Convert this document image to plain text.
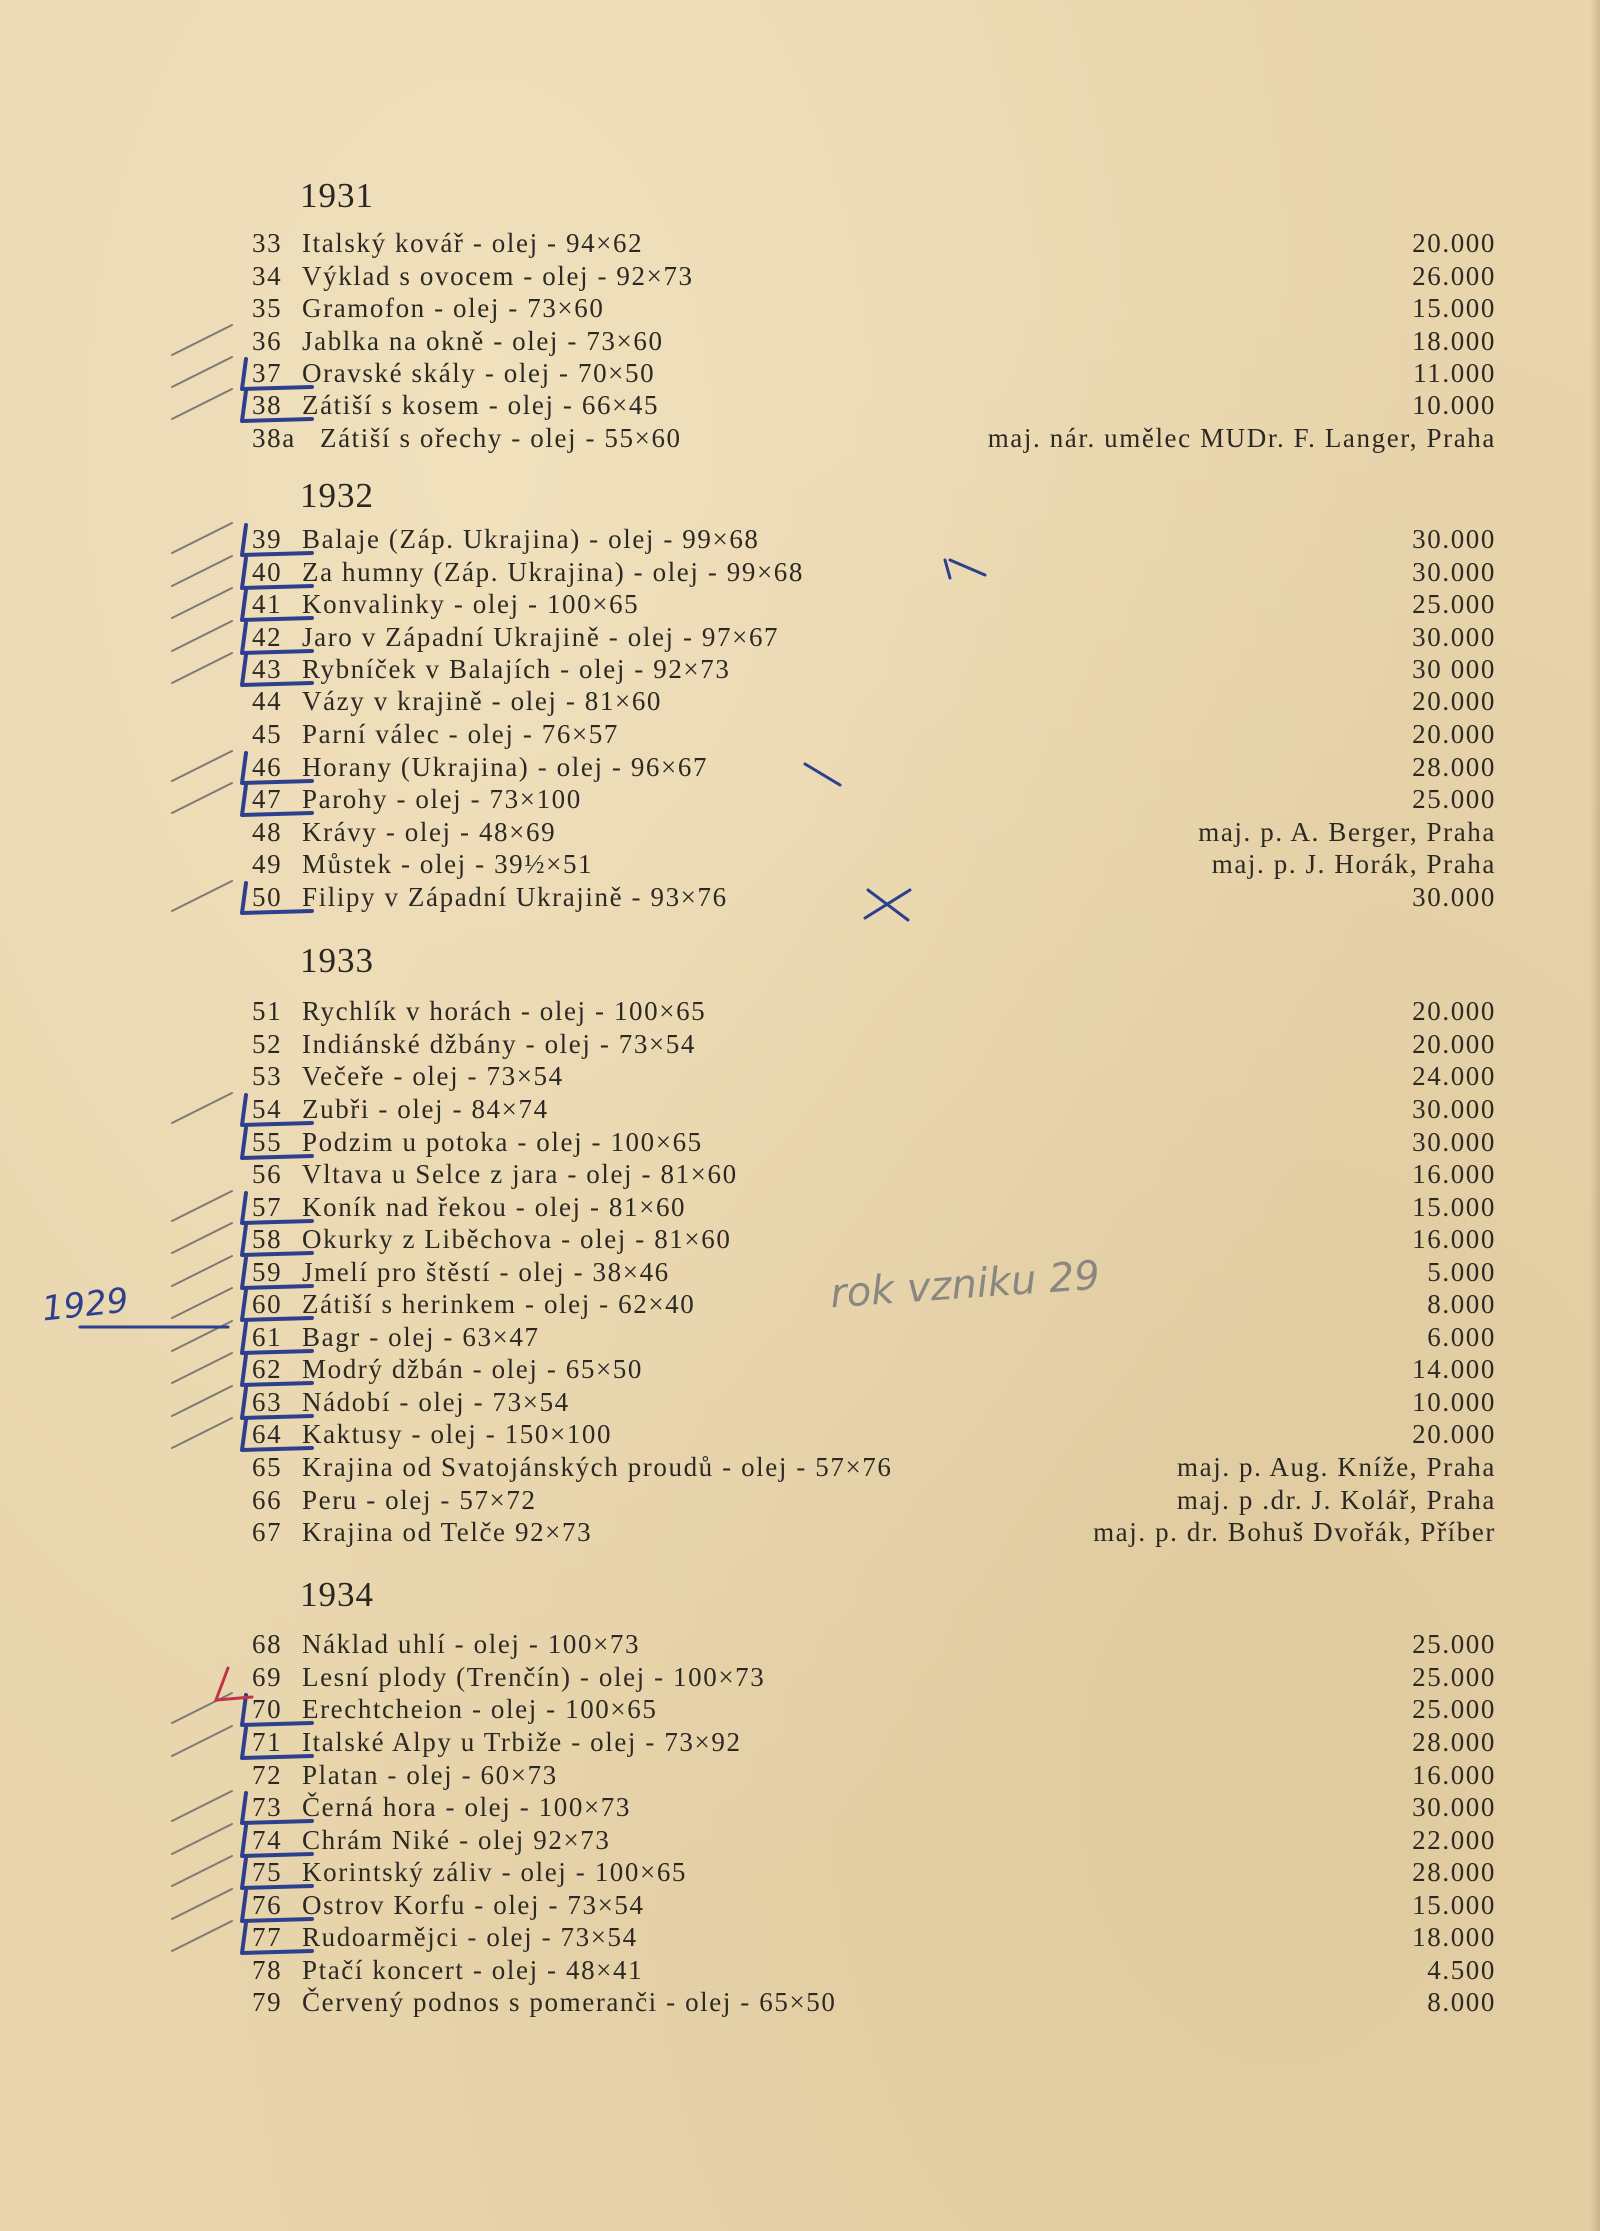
1931
33 Italský kovář - olej - 94×62	20.000
34 Výklad s ovocem - olej - 92×73	26.000
35 Gramofon - olej - 73×60	15.000
36 Jablka na okně - olej - 73×60	18.000
37 Oravské skály - olej - 70×50	11.000
38 Zátiší s kosem - olej - 66×45	10.000
38a Zátiší s ořechy - olej - 55×60	maj. nár. umělec MUDr. F. Langer, Praha
1932
39 Balaje (Záp. Ukrajina) - olej - 99×68	30.000
40 Za humny (Záp. Ukrajina) - olej - 99×68	30.000
41 Konvalinky - olej - 100×65	25.000
42 Jaro v Západní Ukrajině - olej - 97×67	30.000
43 Rybníček v Balajích - olej - 92×73	30 000
44 Vázy v krajině - olej - 81×60	20.000
45 Parní válec - olej - 76×57	20.000
46 Horany (Ukrajina) - olej - 96×67	28.000
47 Parohy - olej - 73×100	25.000
48 Krávy - olej - 48×69	maj. p. A. Berger, Praha
49 Můstek - olej - 39½×51	maj. p. J. Horák, Praha
50 Filipy v Západní Ukrajině - 93×76	30.000
1933
51 Rychlík v horách - olej - 100×65	20.000
52 Indiánské džbány - olej - 73×54	20.000
53 Večeře - olej - 73×54	24.000
54 Zubři - olej - 84×74	30.000
55 Podzim u potoka - olej - 100×65	30.000
56 Vltava u Selce z jara - olej - 81×60	16.000
57 Koník nad řekou - olej - 81×60	15.000
58 Okurky z Liběchova - olej - 81×60	16.000
59 Jmelí pro štěstí - olej - 38×46	5.000
60 Zátiší s herinkem - olej - 62×40	8.000
61 Bagr - olej - 63×47	6.000
62 Modrý džbán - olej - 65×50	14.000
63 Nádobí - olej - 73×54	10.000
64 Kaktusy - olej - 150×100	20.000
65 Krajina od Svatojánských proudů - olej - 57×76	maj. p. Aug. Kníže, Praha
66 Peru - olej - 57×72	maj. p .dr. J. Kolář, Praha
67 Krajina od Telče 92×73	maj. p. dr. Bohuš Dvořák, Příber
1934
68 Náklad uhlí - olej - 100×73	25.000
69 Lesní plody (Trenčín) - olej - 100×73	25.000
70 Erechtcheion - olej - 100×65	25.000
71 Italské Alpy u Trbiže - olej - 73×92	28.000
72 Platan - olej - 60×73	16.000
73 Černá hora - olej - 100×73	30.000
74 Chrám Niké - olej 92×73	22.000
75 Korintský záliv - olej - 100×65	28.000
76 Ostrov Korfu - olej - 73×54	15.000
77 Rudoarmějci - olej - 73×54	18.000
78 Ptačí koncert - olej - 48×41	4.500
79 Červený podnos s pomeranči - olej - 65×50	8.000
1929	rok vzniku 29
